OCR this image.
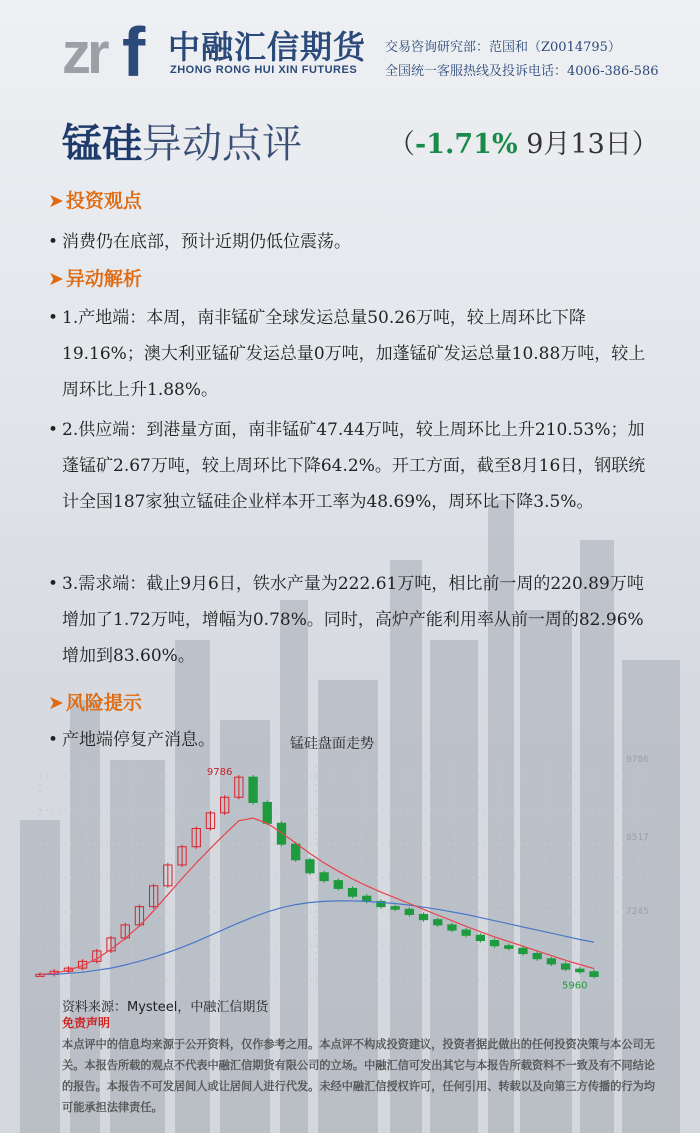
zr f 中融汇信期货
ZHONG RONG HUI XIN FUTURES
交易咨询研究部：范国和（Z0014795）
全国统一客服热线及投诉电话：4006-386-586
锰硅异动点评	（-1.71% 9月13日）
➤ 投资观点
• 消费仍在底部，预计近期仍低位震荡。
➤ 异动解析
• 1.产地端：本周，南非锰矿全球发运总量50.26万吨，较上周环比下降19.16%；澳大利亚锰矿发运总量0万吨，加蓬锰矿发运总量10.88万吨，较上周环比上升1.88%。
• 2.供应端：到港量方面，南非锰矿47.44万吨，较上周环比上升210.53%；加蓬锰矿2.67万吨，较上周环比下降64.2%。开工方面，截至8月16日，钢联统计全国187家独立锰硅企业样本开工率为48.69%，周环比下降3.5%。
• 3.需求端：截止9月6日，铁水产量为222.61万吨，相比前一周的220.89万吨增加了1.72万吨，增幅为0.78%。同时，高炉产能利用率从前一周的82.96%增加到83.60%。
➤ 风险提示
• 产地端停复产消息。	锰硅盘面走势
9786
5960
9786
8517
7245
资料来源：Mysteel，中融汇信期货
免责声明
本点评中的信息均来源于公开资料，仅作参考之用。本点评不构成投资建议，投资者据此做出的任何投资决策与本公司无关。本报告所载的观点不代表中融汇信期货有限公司的立场。中融汇信可发出其它与本报告所载资料不一致及有不同结论的报告。本报告不可发居间人或让居间人进行代发。未经中融汇信授权许可，任何引用、转载以及向第三方传播的行为均可能承担法律责任。
